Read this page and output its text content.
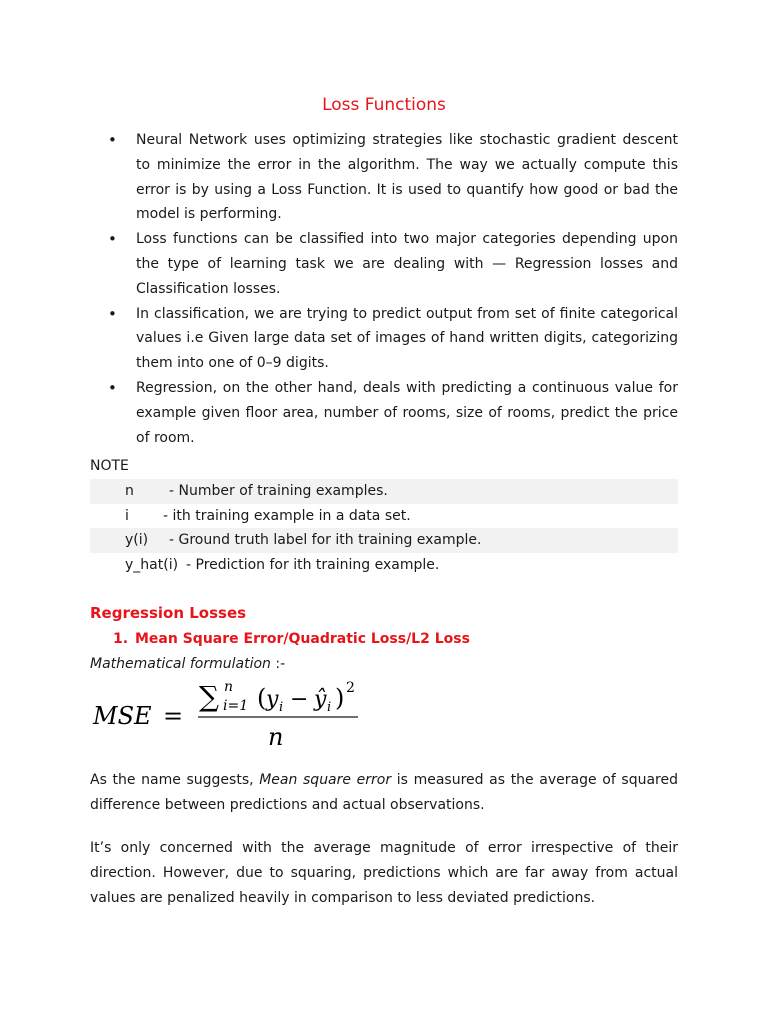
Loss Functions
• Neural Network uses optimizing strategies like stochastic gradient descent to minimize the error in the algorithm. The way we actually compute this error is by using a Loss Function. It is used to quantify how good or bad the model is performing.
• Loss functions can be classified into two major categories depending upon the type of learning task we are dealing with — Regression losses and Classification losses.
• In classification, we are trying to predict output from set of finite categorical values i.e Given large data set of images of hand written digits, categorizing them into one of 0–9 digits.
• Regression, on the other hand, deals with predicting a continuous value for example given floor area, number of rooms, size of rooms, predict the price of room.
NOTE
n	- Number of training examples.
i - ith training example in a data set.
y(i) - Ground truth label for ith training example.
y_hat(i) - Prediction for ith training example.
Regression Losses
1. Mean Square Error/Quadratic Loss/L2 Loss
Mathematical formulation :-
MSE =
∑ n
i=1 ( y i − ŷ i ) 2
n
As the name suggests, Mean square error is measured as the average of squared difference between predictions and actual observations.
It’s only concerned with the average magnitude of error irrespective of their direction. However, due to squaring, predictions which are far away from actual values are penalized heavily in comparison to less deviated predictions.
